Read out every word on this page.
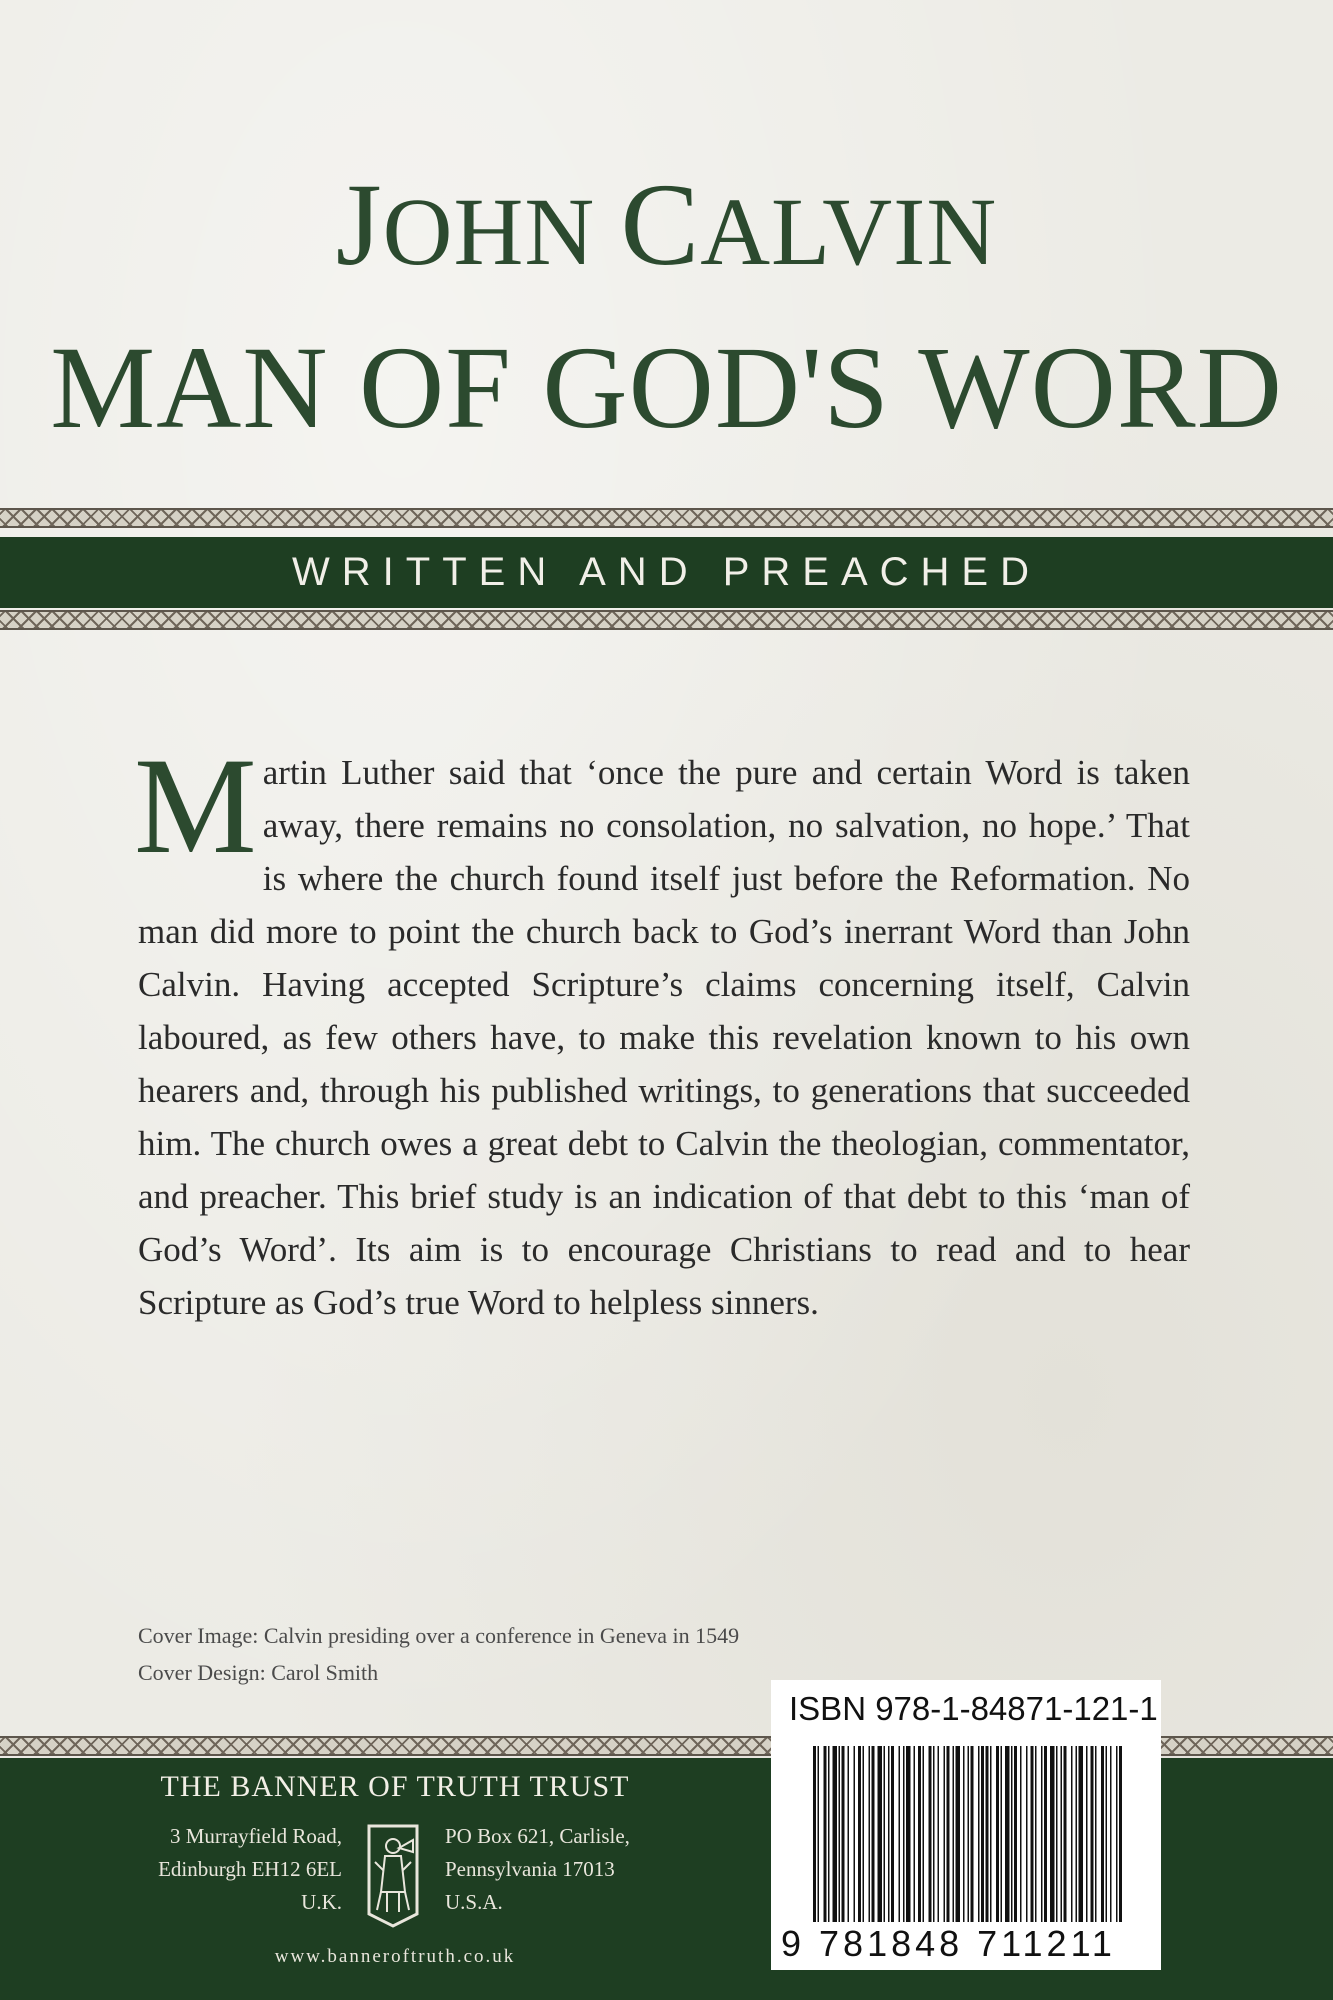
JOHN CALVIN
MAN OF GOD'S WORD

WRITTEN AND PREACHED

Martin Luther said that ‘once the pure and certain Word is taken away, there remains no consolation, no salvation, no hope.’ That is where the church found itself just before the Reformation. No man did more to point the church back to God’s inerrant Word than John Calvin. Having accepted Scripture’s claims concerning itself, Calvin laboured, as few others have, to make this revelation known to his own hearers and, through his published writings, to generations that succeeded him. The church owes a great debt to Calvin the theologian, commentator, and preacher. This brief study is an indication of that debt to this ‘man of God’s Word’. Its aim is to encourage Christians to read and to hear Scripture as God’s true Word to helpless sinners.

Cover Image: Calvin presiding over a conference in Geneva in 1549
Cover Design: Carol Smith

THE BANNER OF TRUTH TRUST

3 Murrayfield Road,
Edinburgh EH12 6EL
U.K.
PO Box 621, Carlisle,
Pennsylvania 17013
U.S.A.
www.banneroftruth.co.uk
ISBN 978-1-84871-121-1
9 781848 711211
